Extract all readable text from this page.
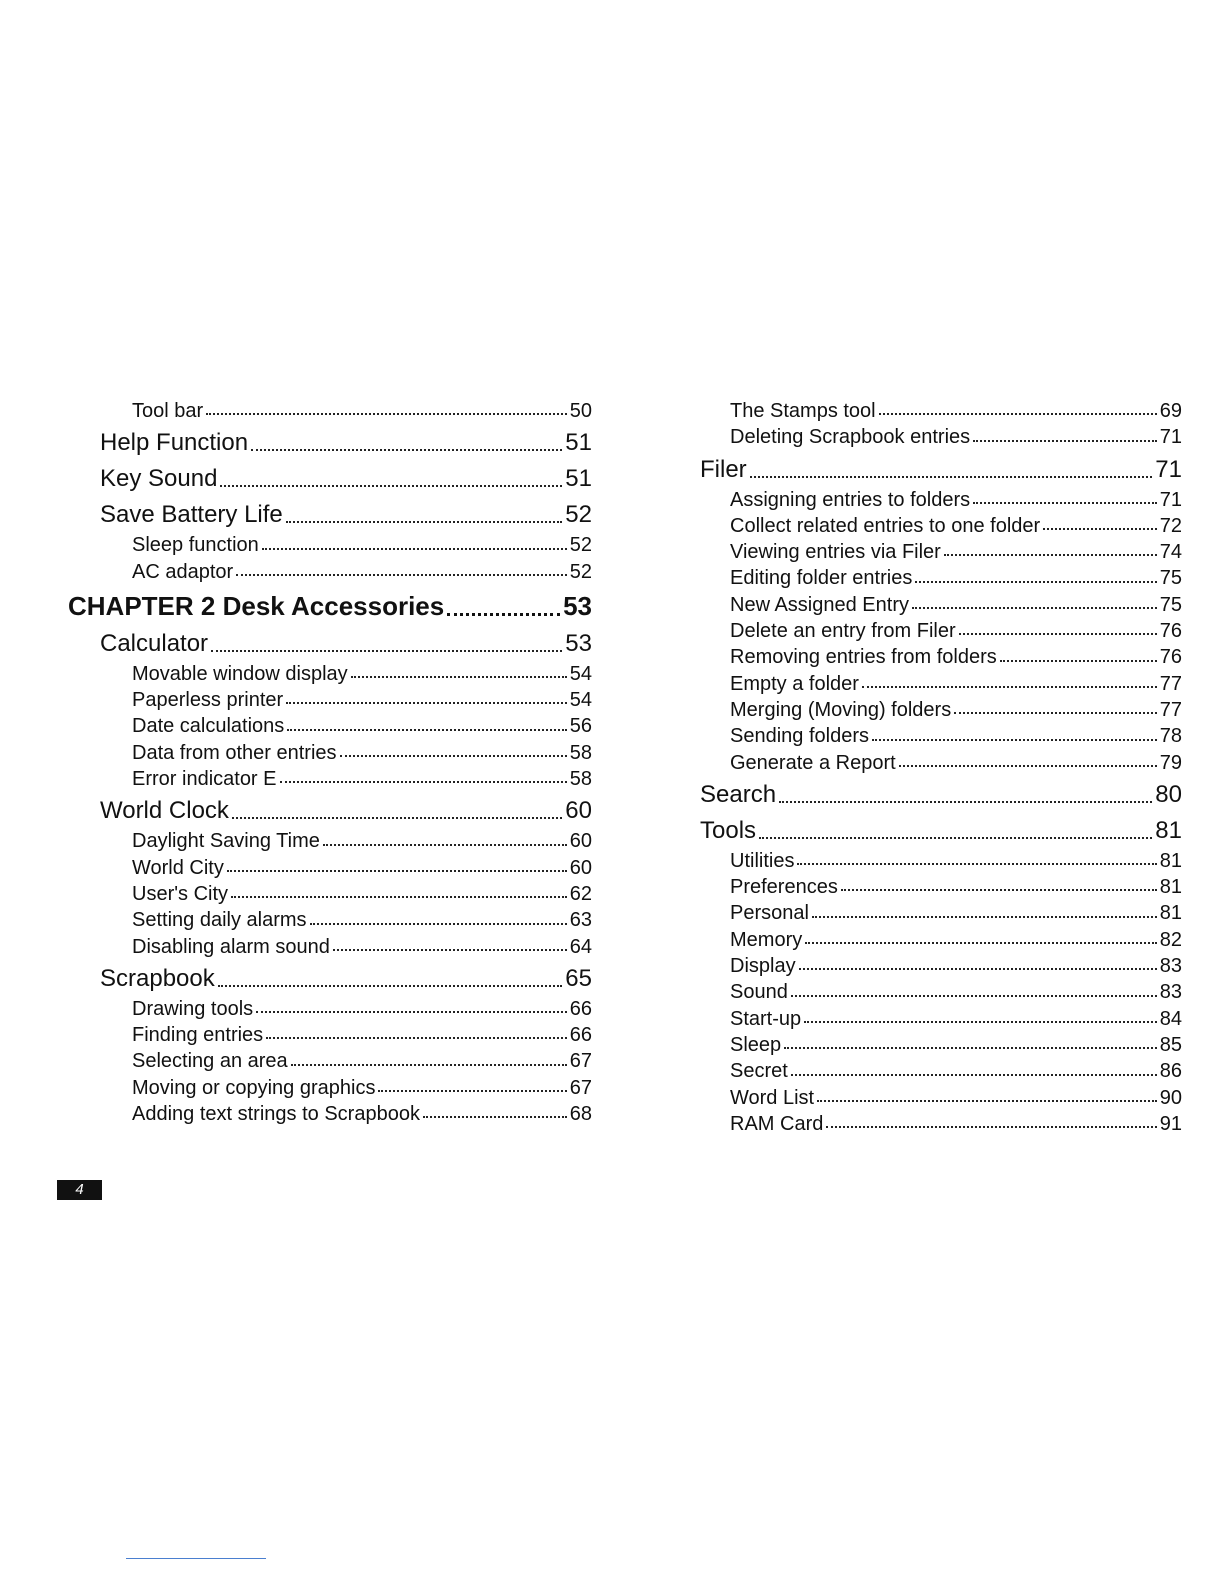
Tool bar	50
Help Function	51
Key Sound	51
Save Battery Life	52
Sleep function	52
AC adaptor	52
CHAPTER 2 Desk Accessories	53
Calculator	53
Movable window display	54
Paperless printer	54
Date calculations	56
Data from other entries	58
Error indicator E	58
World Clock	60
Daylight Saving Time	60
World City	60
User's City	62
Setting daily alarms	63
Disabling alarm sound	64
Scrapbook	65
Drawing tools	66
Finding entries	66
Selecting an area	67
Moving or copying graphics	67
Adding text strings to Scrapbook	68
The Stamps tool	69
Deleting Scrapbook entries	71
Filer	71
Assigning entries to folders	71
Collect related entries to one folder	72
Viewing entries via Filer	74
Editing folder entries	75
New Assigned Entry	75
Delete an entry from Filer	76
Removing entries from folders	76
Empty a folder	77
Merging (Moving) folders	77
Sending folders	78
Generate a Report	79
Search	80
Tools	81
Utilities	81
Preferences	81
Personal	81
Memory	82
Display	83
Sound	83
Start-up	84
Sleep	85
Secret	86
Word List	90
RAM Card	91
4
